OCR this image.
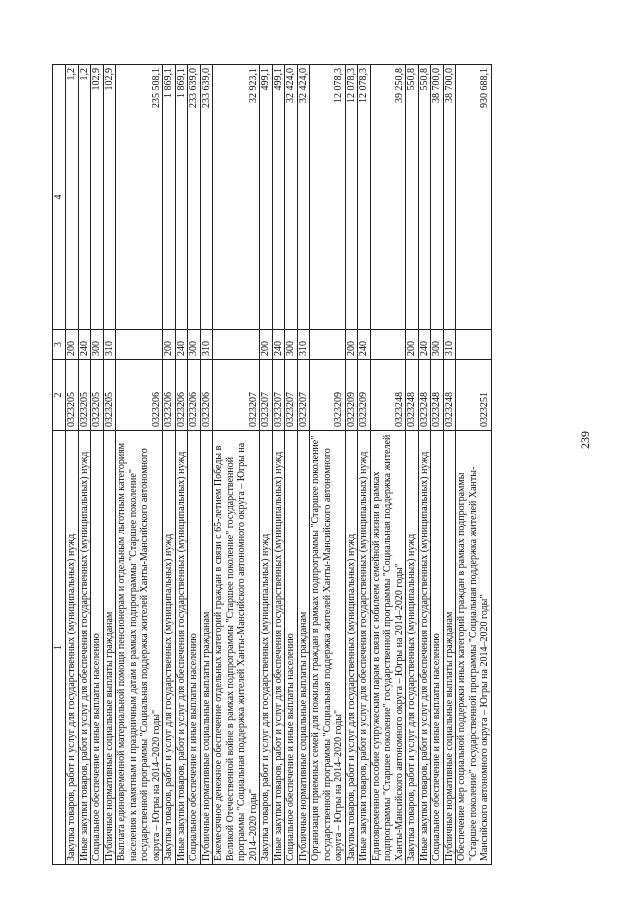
239
1	2	3	4
Закупка товаров, работ и услуг для государственных (муниципальных) нужд	0323205	200	1,2
Иные закупки товаров, работ и услуг для обеспечения государственных (муниципальных) нужд	0323205	240	1,2
Социальное обеспечение и иные выплаты населению	0323205	300	102,9
Публичные нормативные социальные выплаты гражданам	0323205	310	102,9
Выплата единовременной материальной помощи пенсионерам и отдельным льготным категориям населения к памятным и праздничным датам в рамках подпрограммы "Старшее поколение" государственной программы "Социальная поддержка жителей Ханты-Мансийского автономного округа – Югры на 2014–2020 годы"	0323206		235 508,1
Закупка товаров, работ и услуг для государственных (муниципальных) нужд	0323206	200	1 869,1
Иные закупки товаров, работ и услуг для обеспечения государственных (муниципальных) нужд	0323206	240	1 869,1
Социальное обеспечение и иные выплаты населению	0323206	300	233 639,0
Публичные нормативные социальные выплаты гражданам	0323206	310	233 639,0
Ежемесячное денежное обеспечение отдельных категорий граждан в связи с 65-летием Победы в Великой Отечественной войне в рамках подпрограммы "Старшее поколение" государственной программы "Социальная поддержка жителей Ханты-Мансийского автономного округа – Югры на 2014–2020 годы"	0323207		32 923,1
Закупка товаров, работ и услуг для государственных (муниципальных) нужд	0323207	200	499,1
Иные закупки товаров, работ и услуг для обеспечения государственных (муниципальных) нужд	0323207	240	499,1
Социальное обеспечение и иные выплаты населению	0323207	300	32 424,0
Публичные нормативные социальные выплаты гражданам	0323207	310	32 424,0
Организация приемных семей для пожилых граждан в рамках подпрограммы "Старшее поколение" государственной программы "Социальная поддержка жителей Ханты-Мансийского автономного округа – Югры на 2014–2020 годы"	0323209		12 078,3
Закупка товаров, работ и услуг для государственных (муниципальных) нужд	0323209	200	12 078,3
Иные закупки товаров, работ и услуг для обеспечения государственных (муниципальных) нужд	0323209	240	12 078,3
Единовременное пособие супружеским парам в связи с юбилеем семейной жизни в рамках подпрограммы "Старшее поколение" государственной программы "Социальная поддержка жителей Ханты-Мансийского автономного округа – Югры на 2014–2020 годы"	0323248		39 250,8
Закупка товаров, работ и услуг для государственных (муниципальных) нужд	0323248	200	550,8
Иные закупки товаров, работ и услуг для обеспечения государственных (муниципальных) нужд	0323248	240	550,8
Социальное обеспечение и иные выплаты населению	0323248	300	38 700,0
Публичные нормативные социальные выплаты гражданам	0323248	310	38 700,0
Обеспечение мер социальной поддержки иных категорий граждан в рамках подпрограммы "Старшее поколение" государственной программы "Социальная поддержка жителей Ханты-Мансийского автономного округа – Югры на 2014–2020 годы"	0323251		930 688,1
